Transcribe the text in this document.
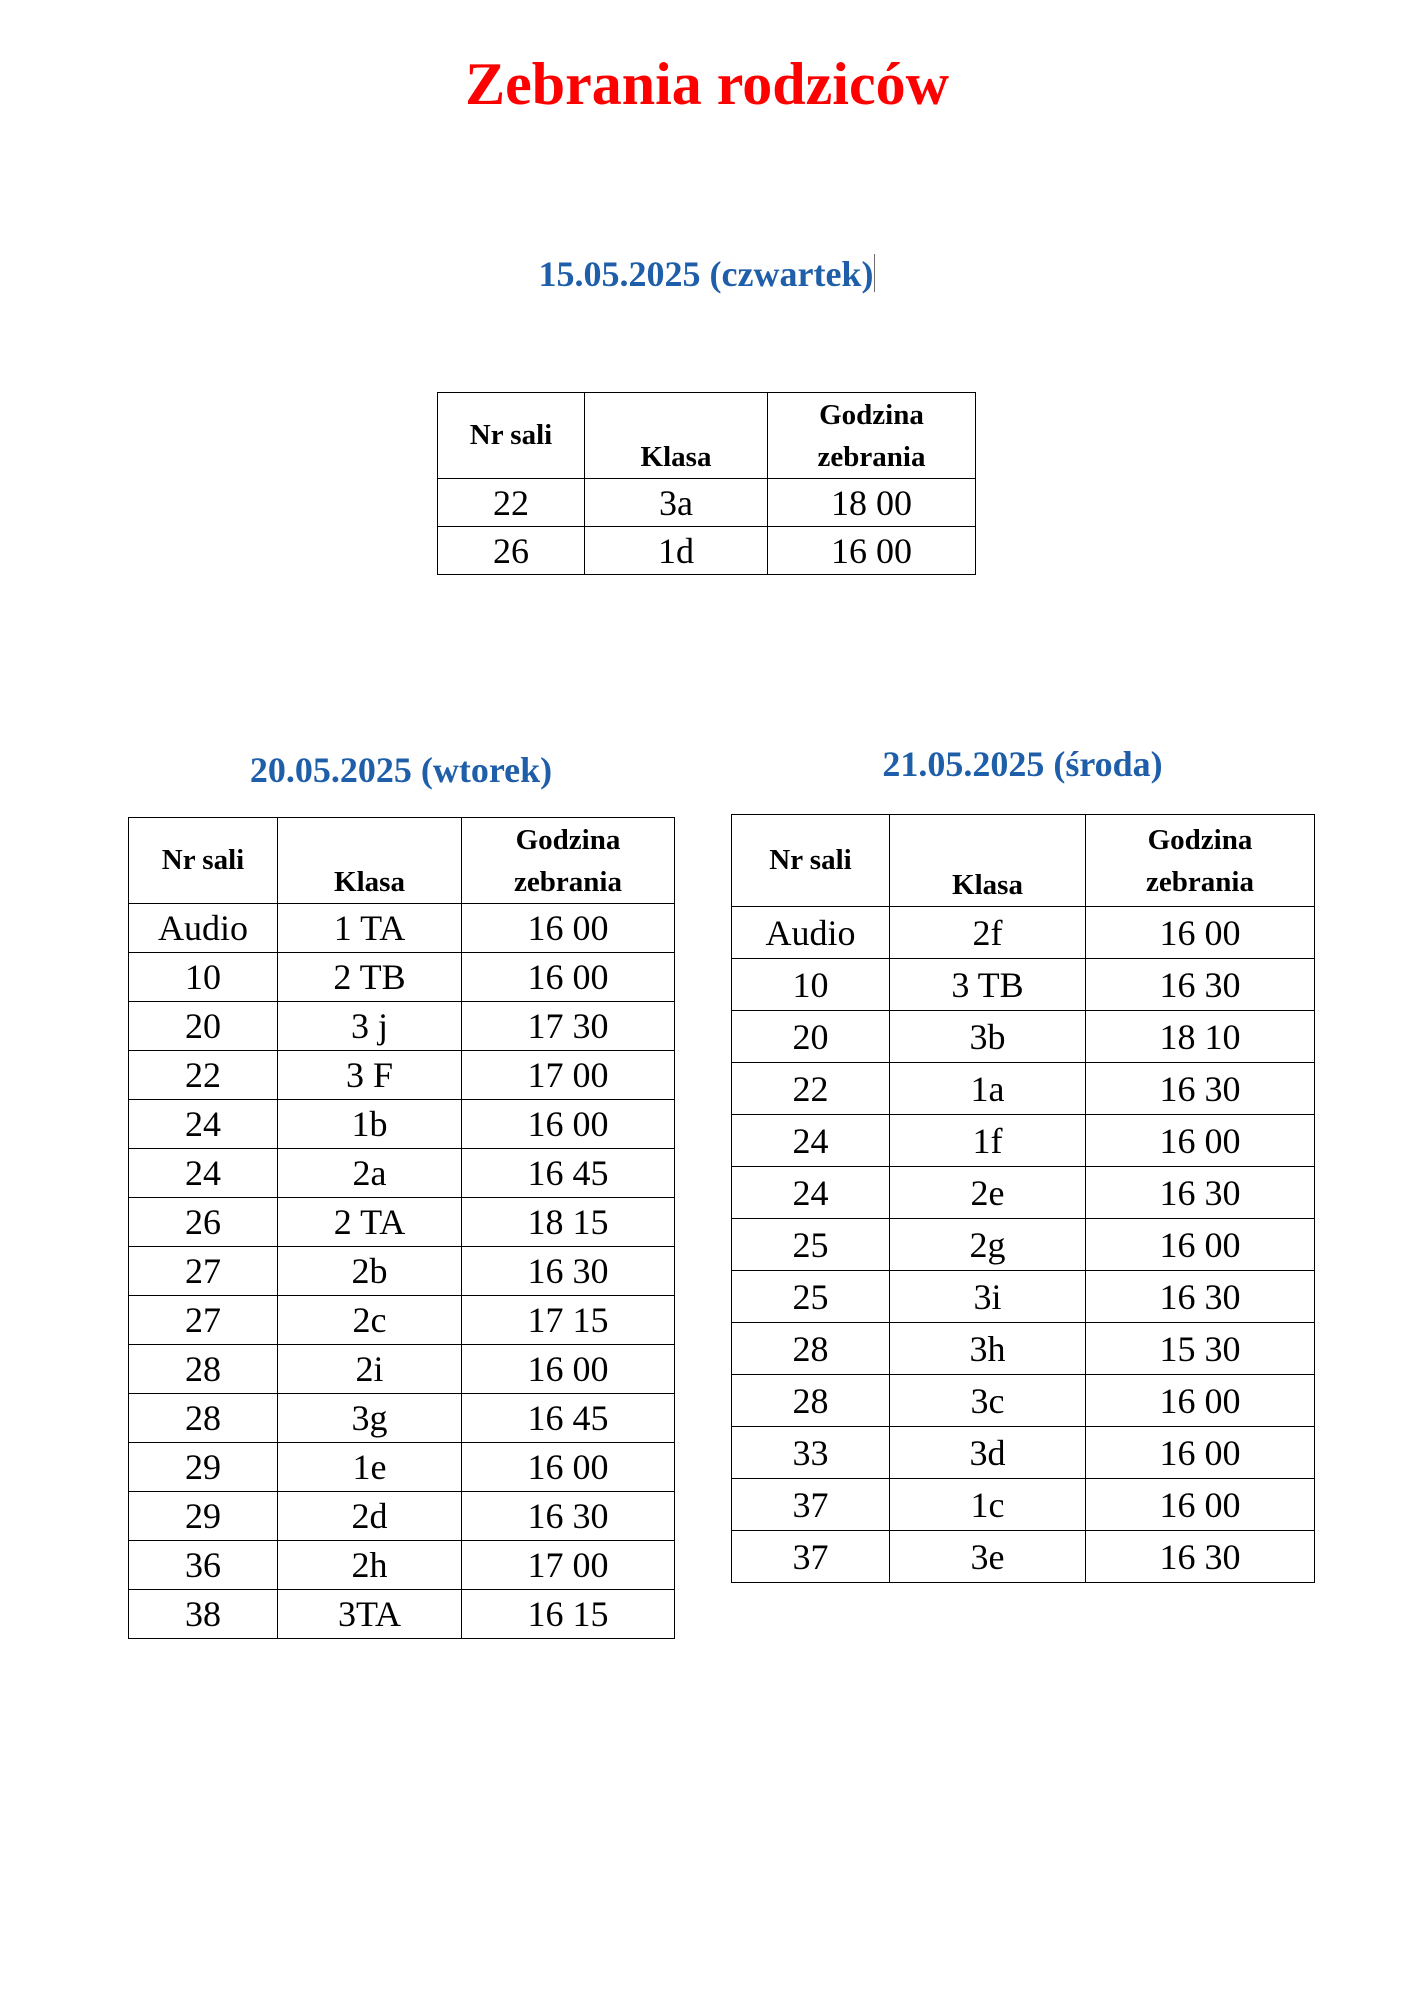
Zebrania rodziców
15.05.2025 (czwartek)
Nr sali	Klasa	Godzina
zebrania
22	3a	18 00
26	1d	16 00
20.05.2025 (wtorek)
Nr sali	Klasa	Godzina
zebrania
Audio	1 TA	16 00
10	2 TB	16 00
20	3 j	17 30
22	3 F	17 00
24	1b	16 00
24	2a	16 45
26	2 TA	18 15
27	2b	16 30
27	2c	17 15
28	2i	16 00
28	3g	16 45
29	1e	16 00
29	2d	16 30
36	2h	17 00
38	3TA	16 15
21.05.2025 (środa)
Nr sali	Klasa	Godzina
zebrania
Audio	2f	16 00
10	3 TB	16 30
20	3b	18 10
22	1a	16 30
24	1f	16 00
24	2e	16 30
25	2g	16 00
25	3i	16 30
28	3h	15 30
28	3c	16 00
33	3d	16 00
37	1c	16 00
37	3e	16 30
